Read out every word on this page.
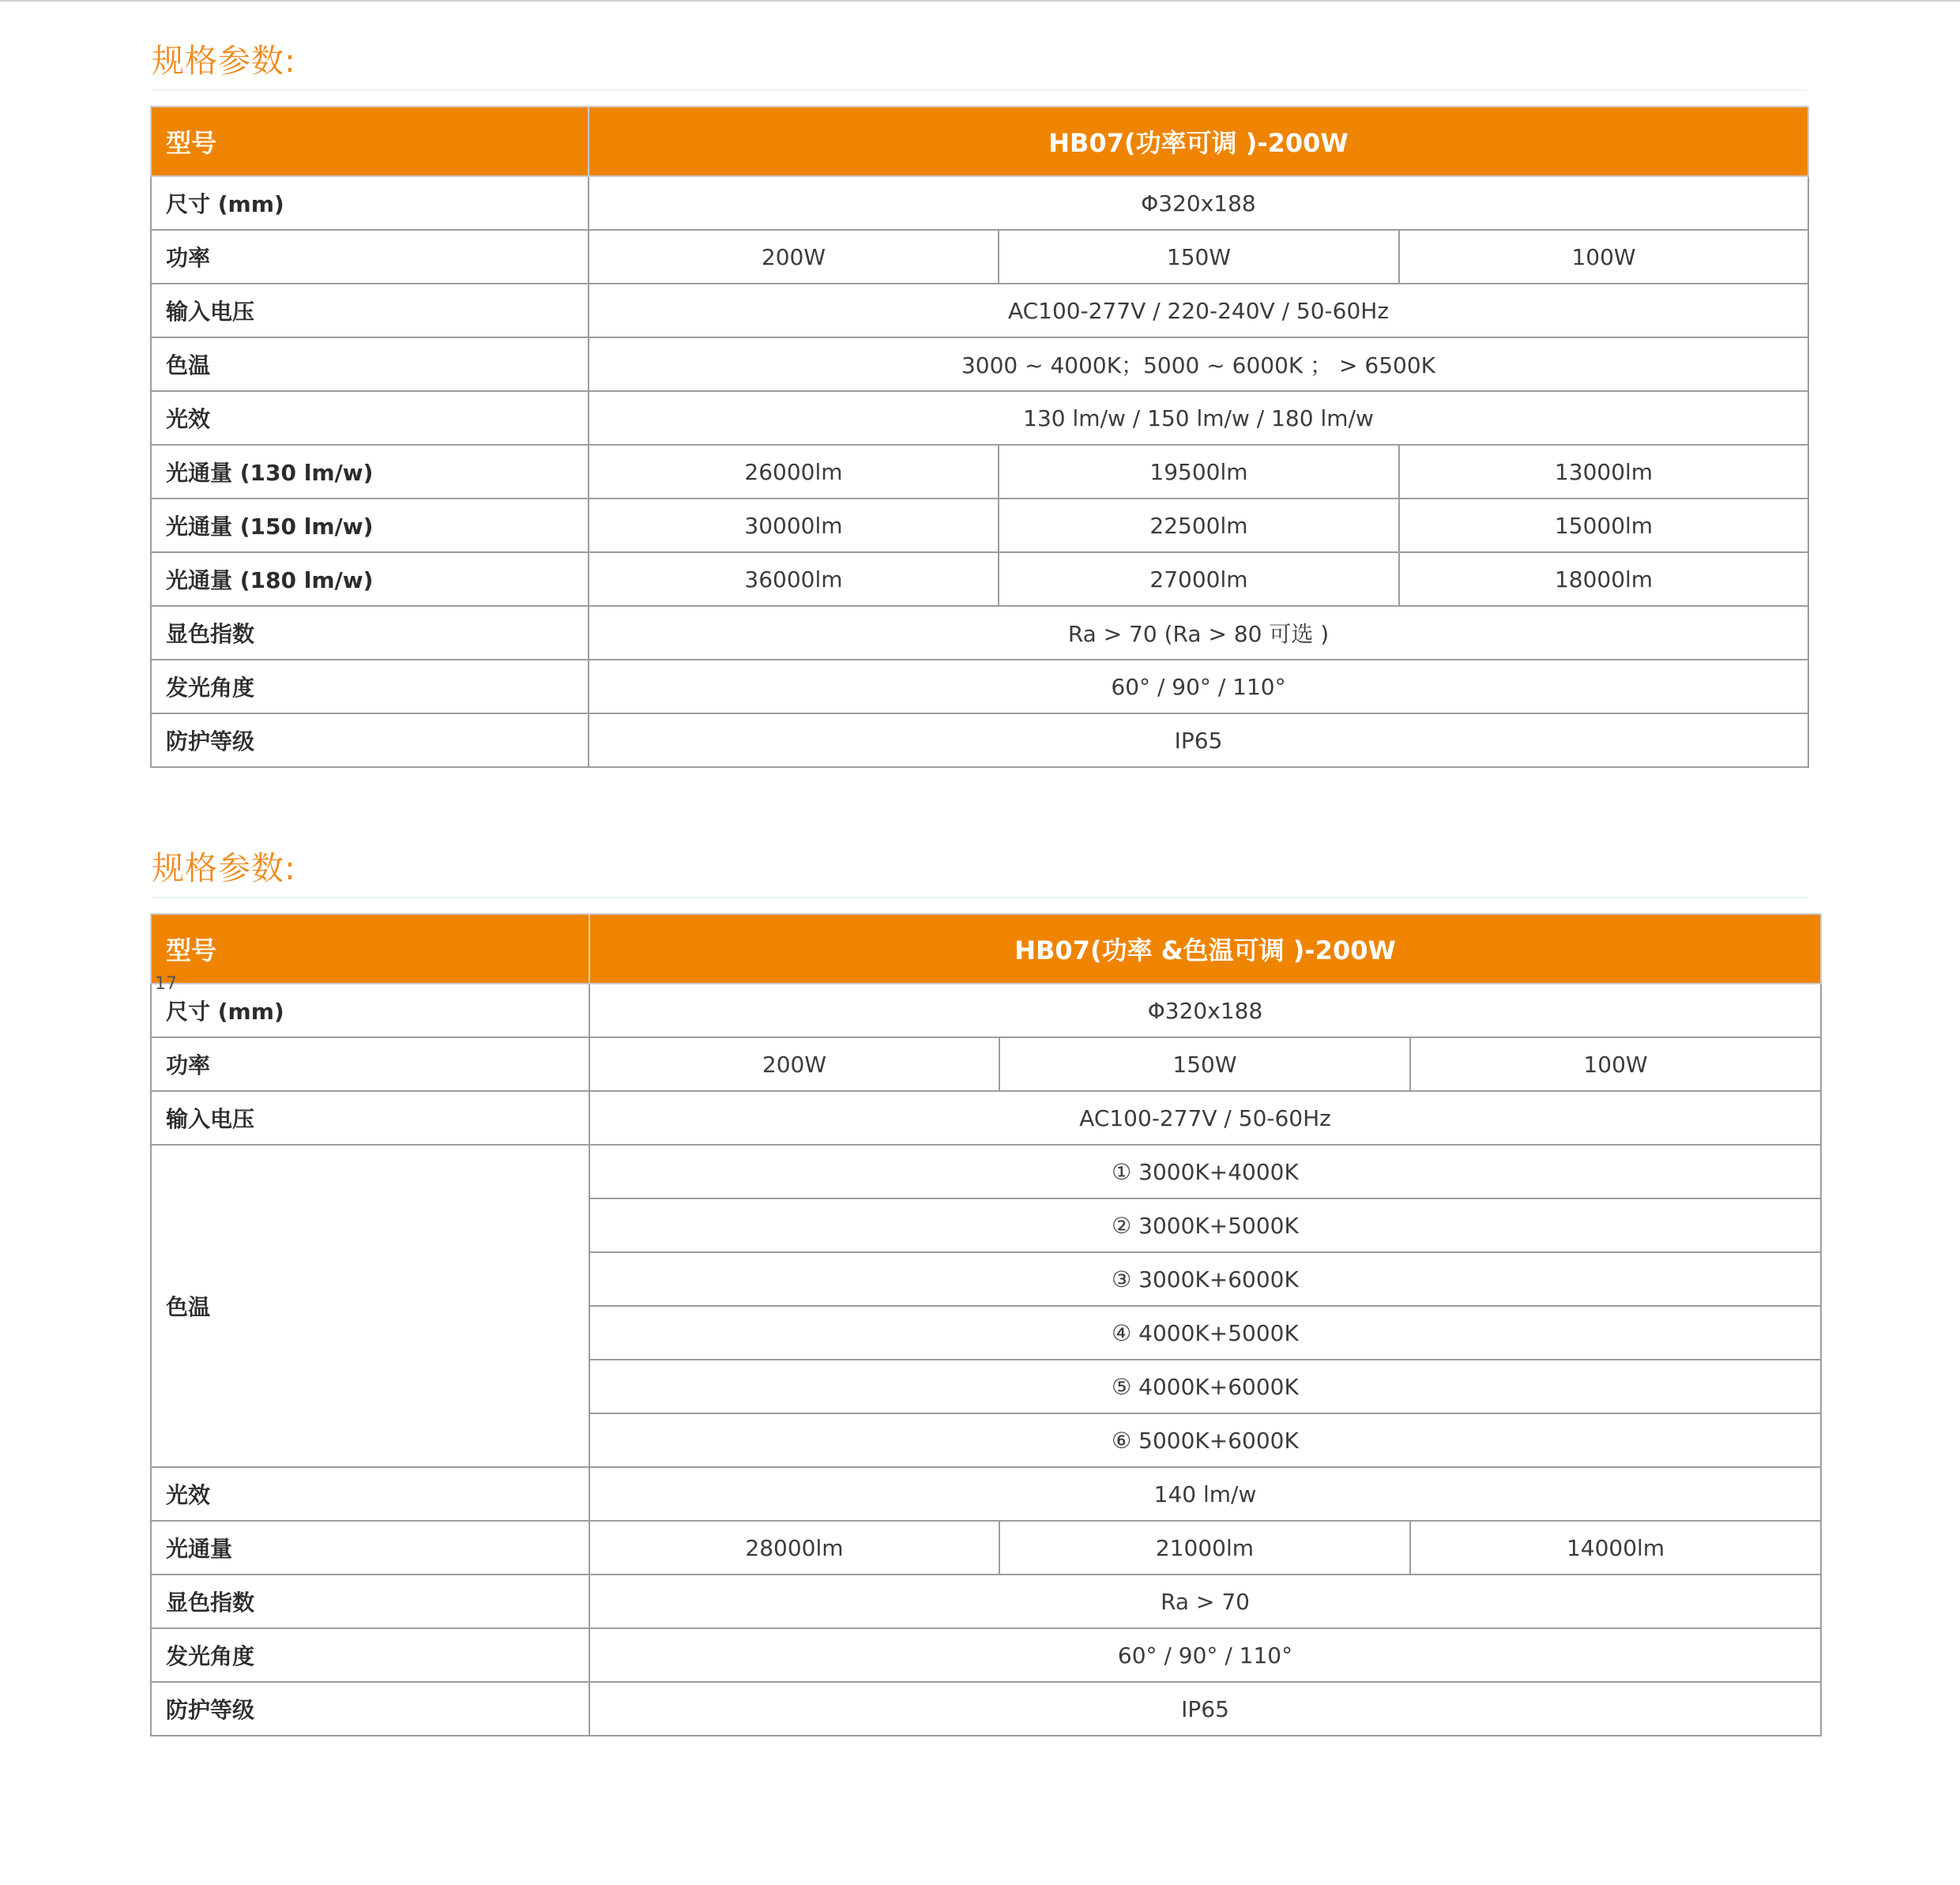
规格参数:
型号	HB07(功率可调 )-200W		
尺寸 (mm)	Φ320x188		
功率	200W	150W	100W
输入电压	AC100-277V / 220-240V / 50-60Hz		
色温	3000 ~ 4000K；5000 ~ 6000K ； > 6500K		
光效	130 lm/w / 150 lm/w / 180 lm/w		
光通量 (130 lm/w)	26000lm	19500lm	13000lm
光通量 (150 lm/w)	30000lm	22500lm	15000lm
光通量 (180 lm/w)	36000lm	27000lm	18000lm
显色指数	Ra > 70 (Ra > 80 可选 )		
发光角度	60° / 90° / 110°		
防护等级	IP65		
规格参数:
型号	HB07(功率 &色温可调 )-200W		
尺寸 (mm)	Φ320x188		
功率	200W	150W	100W
输入电压	AC100-277V / 50-60Hz		
色温	① 3000K+4000K		
	② 3000K+5000K		
	③ 3000K+6000K		
	④ 4000K+5000K		
	⑤ 4000K+6000K		
	⑥ 5000K+6000K		
光效	140 lm/w		
光通量	28000lm	21000lm	14000lm
显色指数	Ra > 70		
发光角度	60° / 90° / 110°		
防护等级	IP65		
17
